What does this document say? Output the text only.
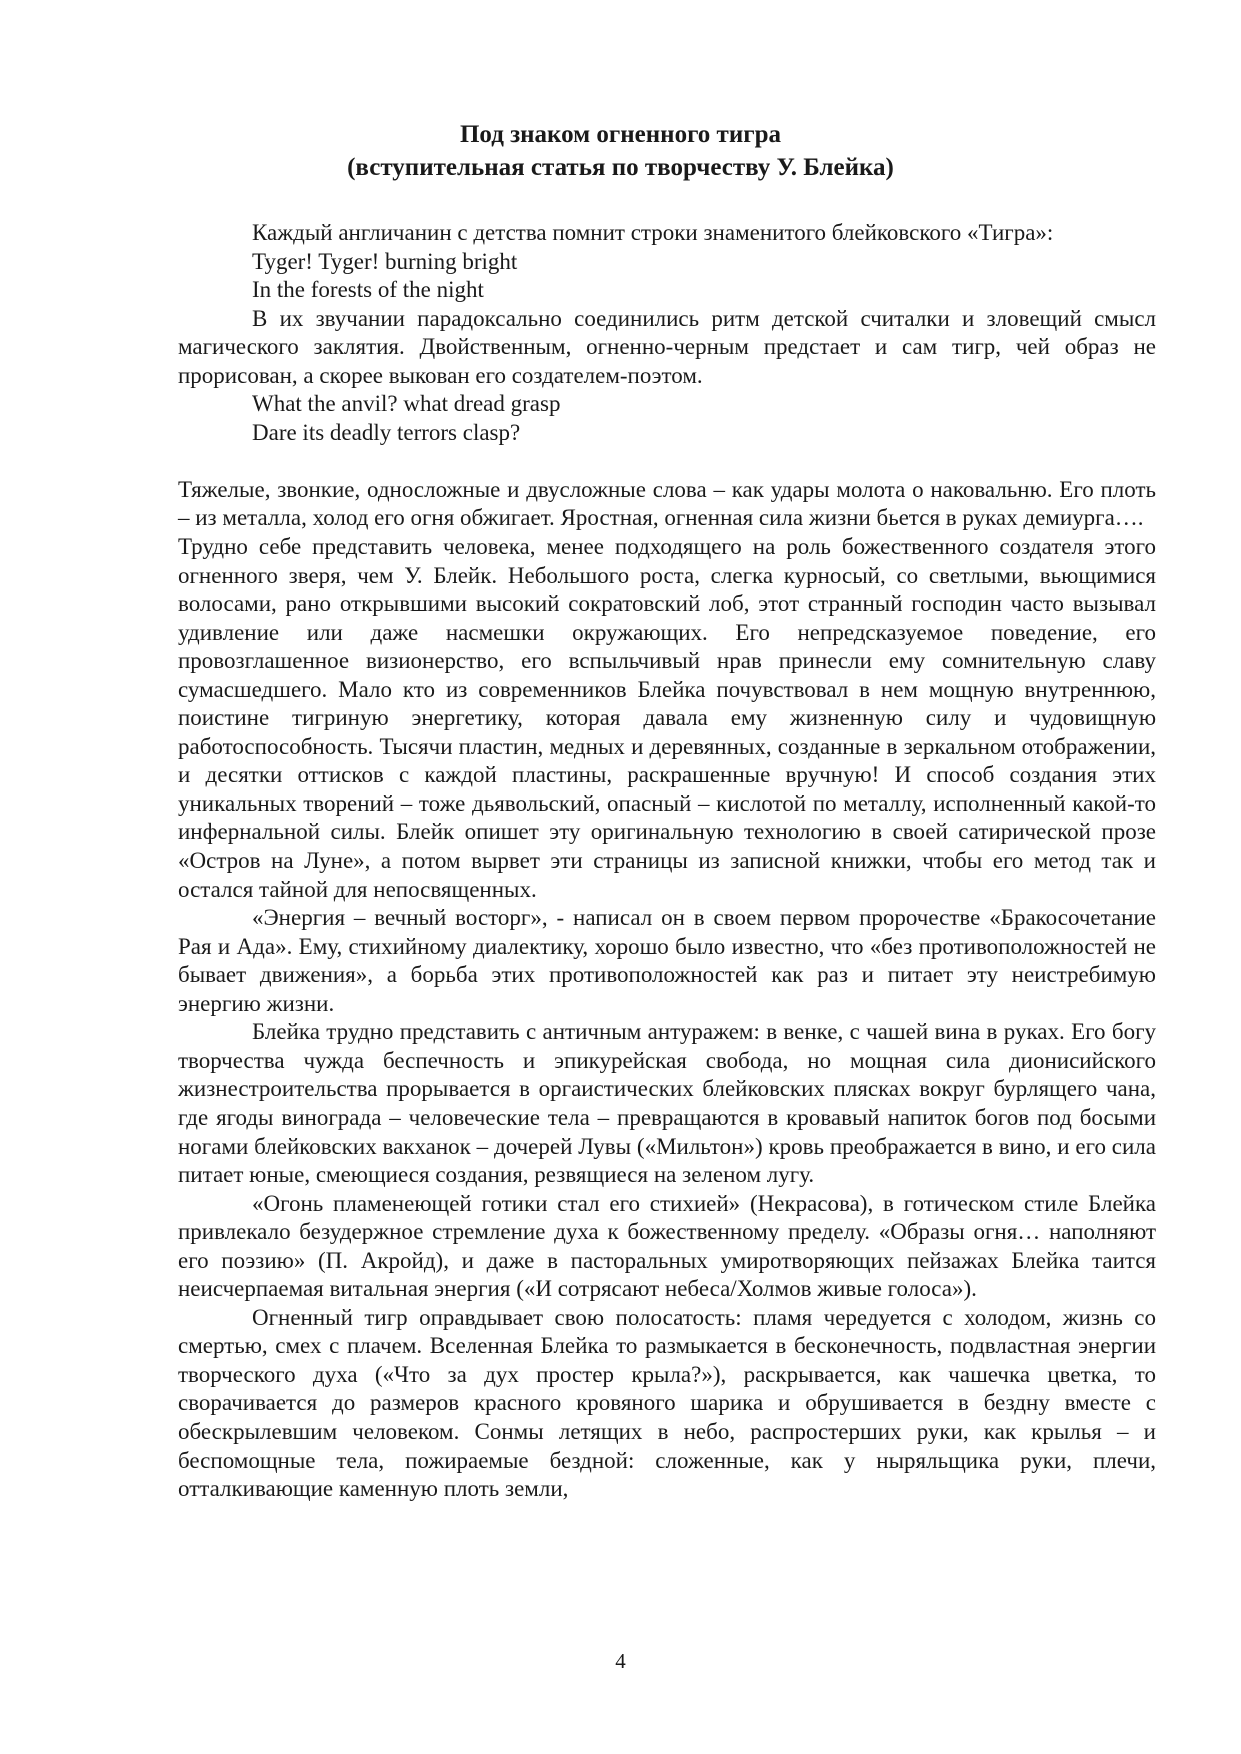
Под знаком огненного тигра
(вступительная статья по творчеству У. Блейка)

Каждый англичанин с детства помнит строки знаменитого блейковского «Тигра»:

Tyger! Tyger! burning bright
In the forests of the night

В их звучании парадоксально соединились ритм детской считалки и зловещий смысл магического заклятия. Двойственным, огненно-черным предстает и сам тигр, чей образ не прорисован, а скорее выкован его создателем-поэтом.

What the anvil? what dread grasp
Dare its deadly terrors clasp?

Тяжелые, звонкие, односложные и двусложные слова – как удары молота о наковальню. Его плоть – из металла, холод его огня обжигает. Яростная, огненная сила жизни бьется в руках демиурга….

Трудно себе представить человека, менее подходящего на роль божественного создателя этого огненного зверя, чем У. Блейк. Небольшого роста, слегка курносый, со светлыми, вьющимися волосами, рано открывшими высокий сократовский лоб, этот странный господин часто вызывал удивление или даже насмешки окружающих. Его непредсказуемое поведение, его провозглашенное визионерство, его вспыльчивый нрав принесли ему сомнительную славу сумасшедшего. Мало кто из современников Блейка почувствовал в нем мощную внутреннюю, поистине тигриную энергетику, которая давала ему жизненную силу и чудовищную работоспособность. Тысячи пластин, медных и деревянных, созданные в зеркальном отображении, и десятки оттисков с каждой пластины, раскрашенные вручную! И способ создания этих уникальных творений – тоже дьявольский, опасный – кислотой по металлу, исполненный какой-то инфернальной силы. Блейк опишет эту оригинальную технологию в своей сатирической прозе «Остров на Луне», а потом вырвет эти страницы из записной книжки, чтобы его метод так и остался тайной для непосвященных.

«Энергия – вечный восторг», - написал он в своем первом пророчестве «Бракосочетание Рая и Ада». Ему, стихийному диалектику, хорошо было известно, что «без противоположностей не бывает движения», а борьба этих противоположностей как раз и питает эту неистребимую энергию жизни.

Блейка трудно представить с античным антуражем: в венке, с чашей вина в руках. Его богу творчества чужда беспечность и эпикурейская свобода, но мощная сила дионисийского жизнестроительства прорывается в оргаистических блейковских плясках вокруг бурлящего чана, где ягоды винограда – человеческие тела – превращаются в кровавый напиток богов под босыми ногами блейковских вакханок – дочерей Лувы («Мильтон») кровь преображается в вино, и его сила питает юные, смеющиеся создания, резвящиеся на зеленом лугу.

«Огонь пламенеющей готики стал его стихией» (Некрасова), в готическом стиле Блейка привлекало безудержное стремление духа к божественному пределу. «Образы огня… наполняют его поэзию» (П. Акройд), и даже в пасторальных умиротворяющих пейзажах Блейка таится неисчерпаемая витальная энергия («И сотрясают небеса/Холмов живые голоса»).

Огненный тигр оправдывает свою полосатость: пламя чередуется с холодом, жизнь со смертью, смех с плачем. Вселенная Блейка то размыкается в бесконечность, подвластная энергии творческого духа («Что за дух простер крыла?»), раскрывается, как чашечка цветка, то сворачивается до размеров красного кровяного шарика и обрушивается в бездну вместе с обескрылевшим человеком. Сонмы летящих в небо, распростерших руки, как крылья – и беспомощные тела, пожираемые бездной: сложенные, как у ныряльщика руки, плечи, отталкивающие каменную плоть земли,

4
